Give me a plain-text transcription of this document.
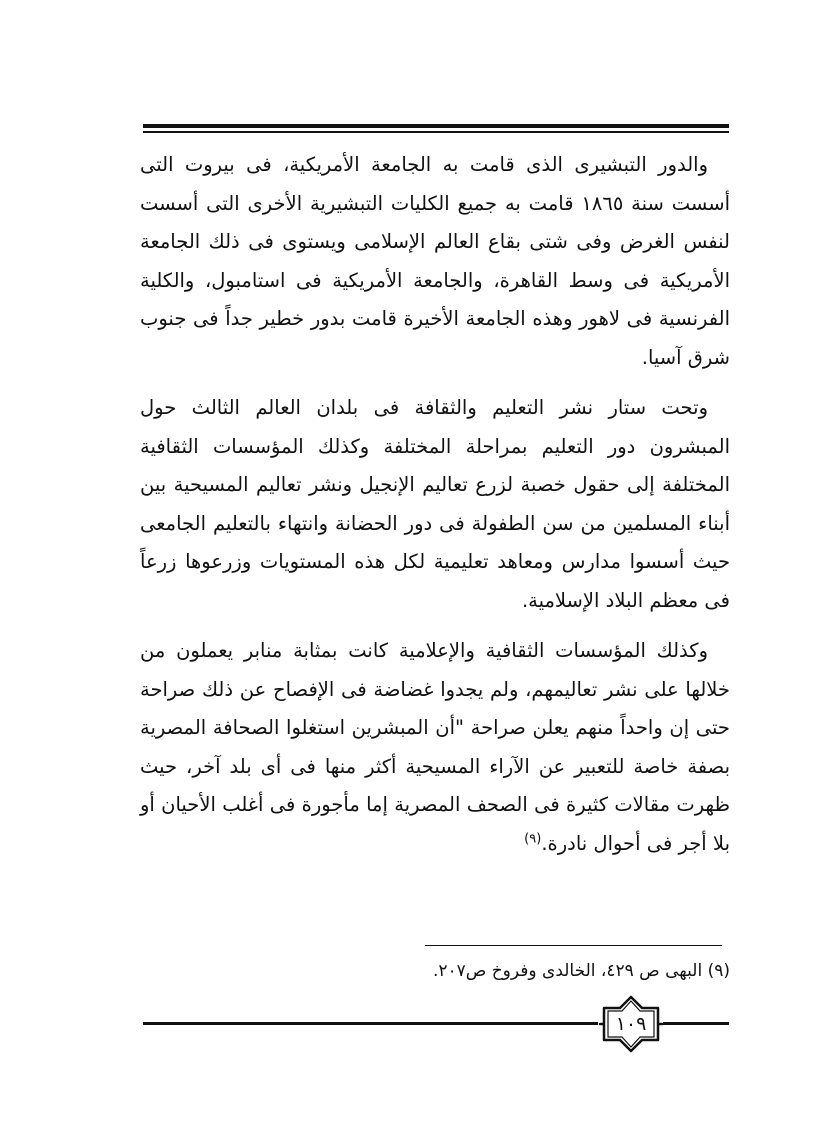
والدور التبشيرى الذى قامت به الجامعة الأمريكية، فى بيروت التى أسست سنة ١٨٦٥ قامت به جميع الكليات التبشيرية الأخرى التى أسست لنفس الغرض وفى شتى بقاع العالم الإسلامى ويستوى فى ذلك الجامعة الأمريكية فى وسط القاهرة، والجامعة الأمريكية فى استامبول، والكلية الفرنسية فى لاهور وهذه الجامعة الأخيرة قامت بدور خطير جداً فى جنوب شرق آسيا.

وتحت ستار نشر التعليم والثقافة فى بلدان العالم الثالث حول المبشرون دور التعليم بمراحلة المختلفة وكذلك المؤسسات الثقافية المختلفة إلى حقول خصبة لزرع تعاليم الإنجيل ونشر تعاليم المسيحية بين أبناء المسلمين من سن الطفولة فى دور الحضانة وانتهاء بالتعليم الجامعى حيث أسسوا مدارس ومعاهد تعليمية لكل هذه المستويات وزرعوها زرعاً فى معظم البلاد الإسلامية.

وكذلك المؤسسات الثقافية والإعلامية كانت بمثابة منابر يعملون من خلالها على نشر تعاليمهم، ولم يجدوا غضاضة فى الإفصاح عن ذلك صراحة حتى إن واحداً منهم يعلن صراحة "أن المبشرين استغلوا الصحافة المصرية بصفة خاصة للتعبير عن الآراء المسيحية أكثر منها فى أى بلد آخر، حيث ظهرت مقالات كثيرة فى الصحف المصرية إما مأجورة فى أغلب الأحيان أو بلا أجر فى أحوال نادرة.$^{(٩)}$

(٩) البهى ص ٤٢٩، الخالدى وفروخ ص٢٠٧.
١٠٩
